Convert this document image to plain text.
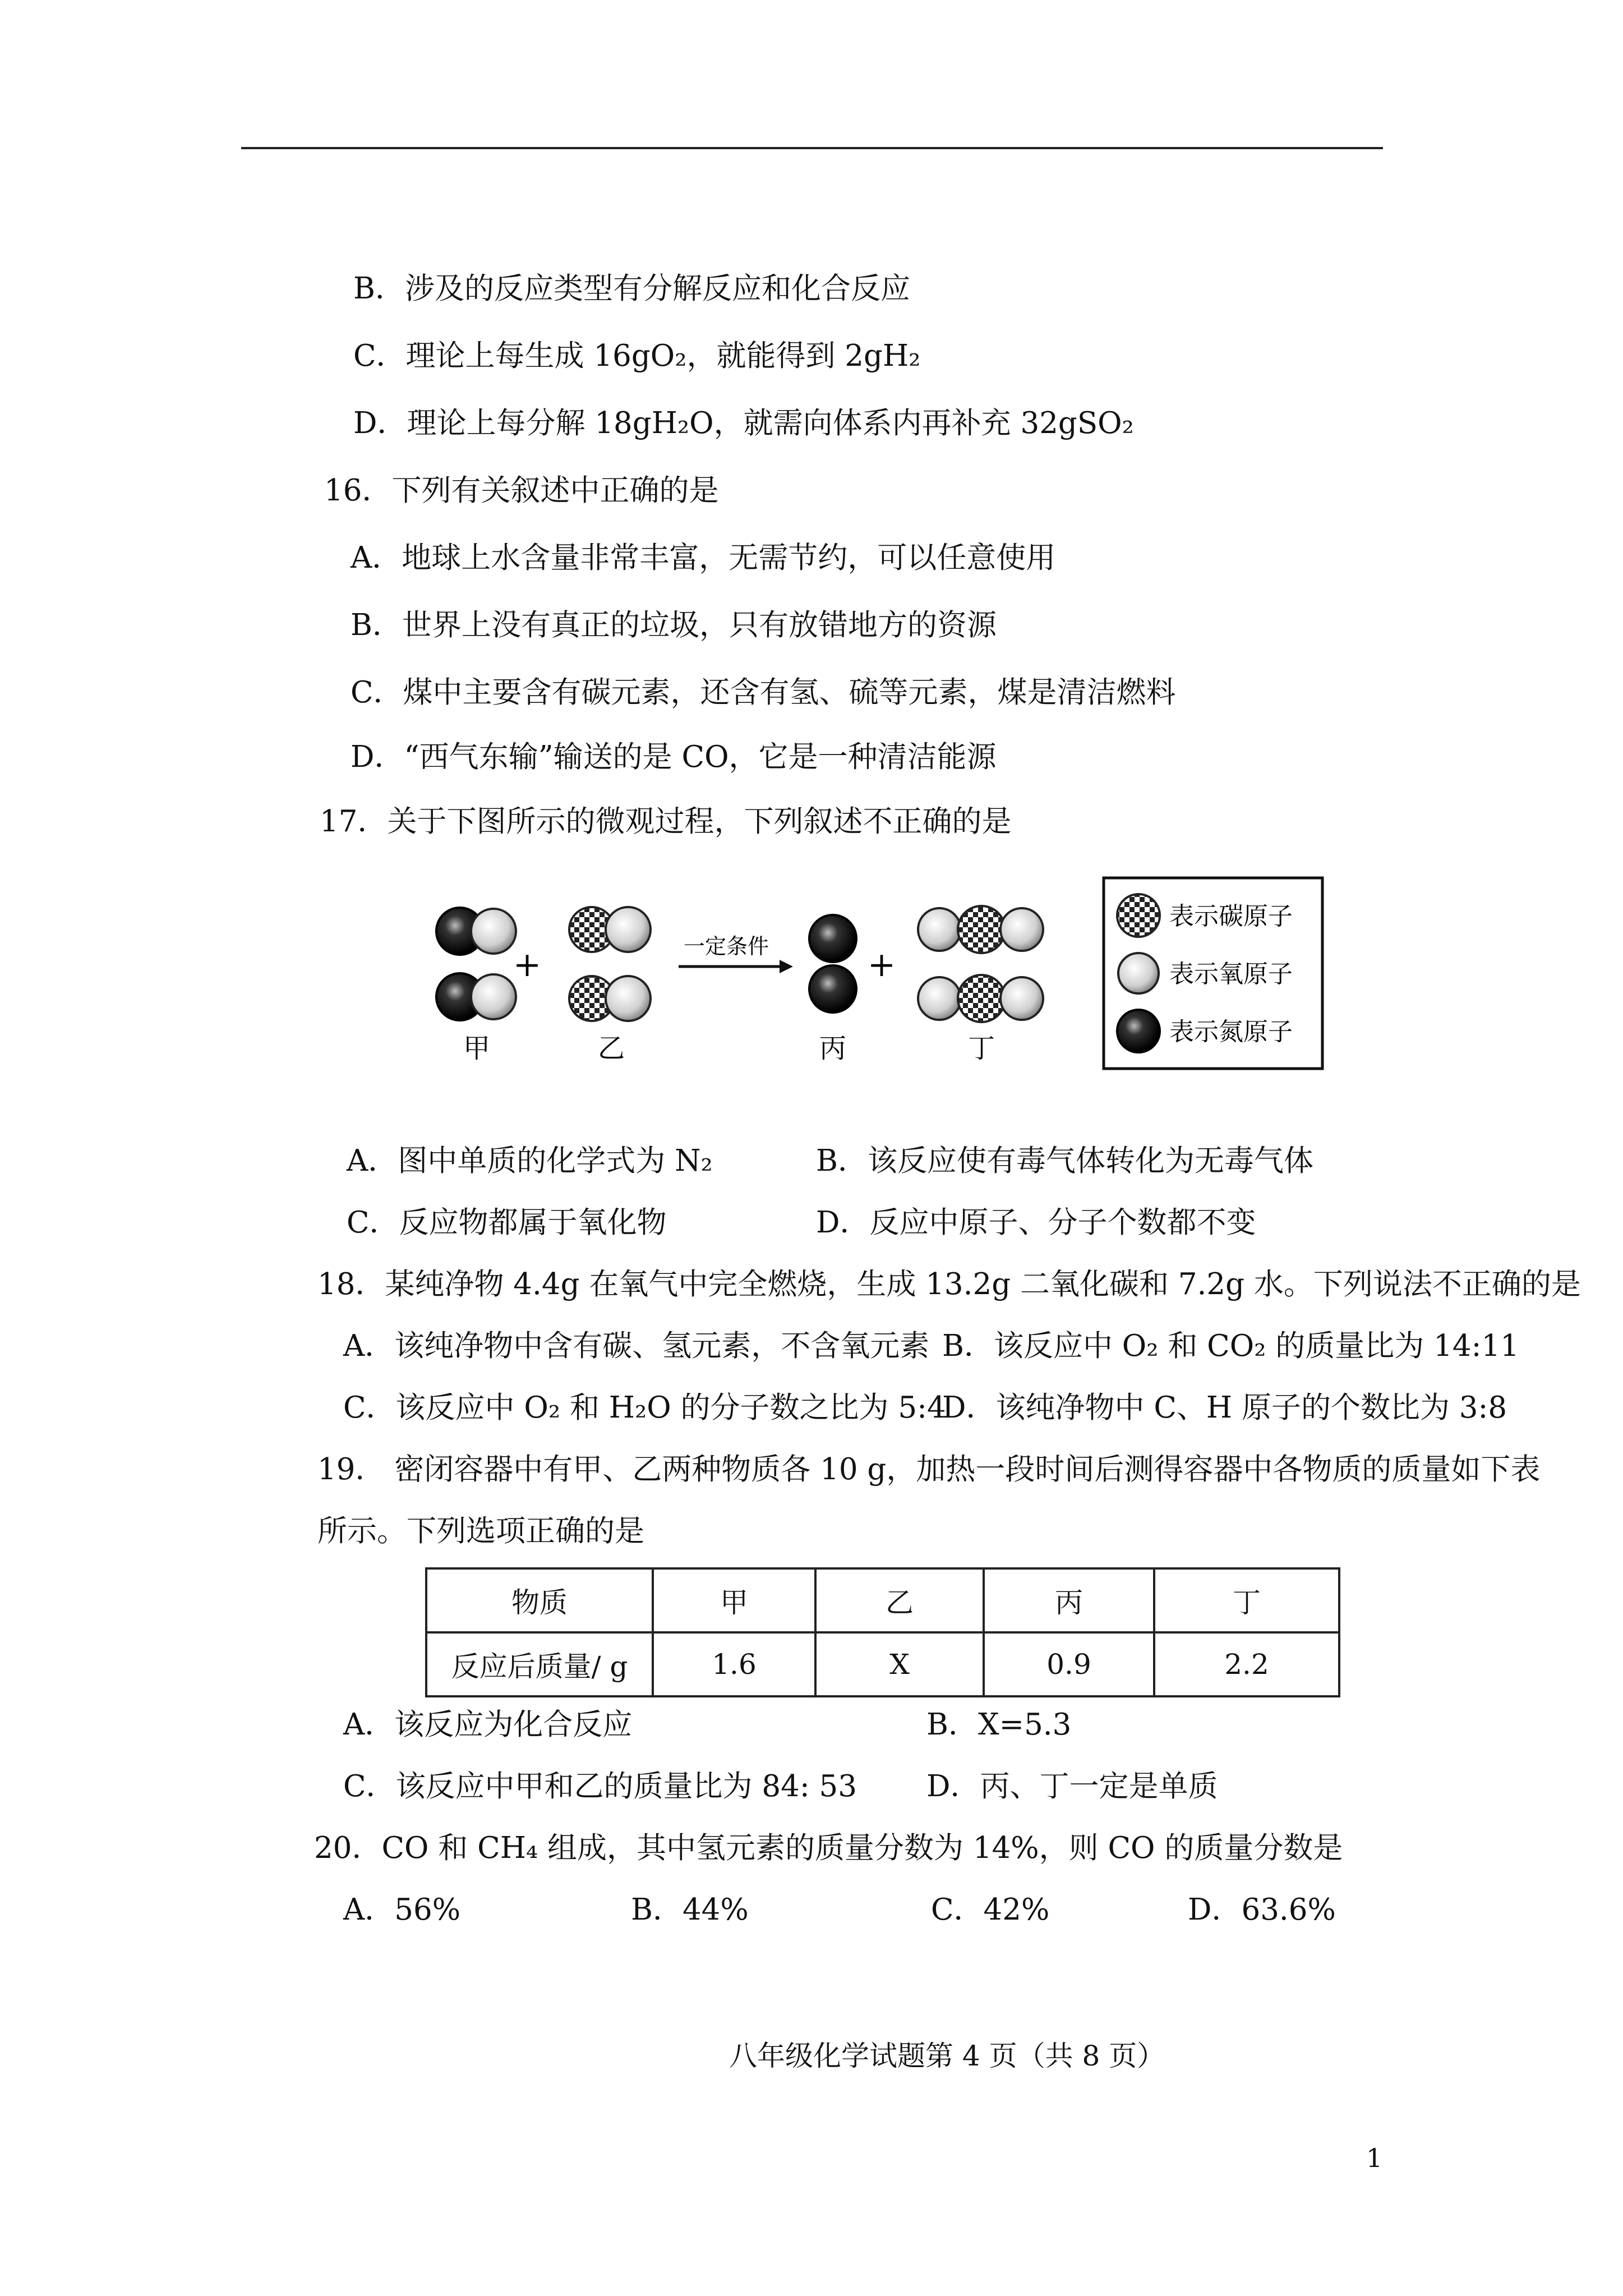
B．涉及的反应类型有分解反应和化合反应
C．理论上每生成 16gO₂，就能得到 2gH₂
D．理论上每分解 18gH₂O，就需向体系内再补充 32gSO₂
16．下列有关叙述中正确的是
A．地球上水含量非常丰富，无需节约，可以任意使用
B．世界上没有真正的垃圾，只有放错地方的资源
C．煤中主要含有碳元素，还含有氢、硫等元素，煤是清洁燃料
D．“西气东输”输送的是 CO，它是一种清洁能源
17．关于下图所示的微观过程，下列叙述不正确的是
+	一定条件	+
甲	乙	丙	丁
表示碳原子
表示氧原子
表示氮原子
A．图中单质的化学式为 N₂	B．该反应使有毒气体转化为无毒气体
C．反应物都属于氧化物	D．反应中原子、分子个数都不变
18．某纯净物 4.4g 在氧气中完全燃烧，生成 13.2g 二氧化碳和 7.2g 水。下列说法不正确的是
A．该纯净物中含有碳、氢元素，不含氧元素 B．该反应中 O₂ 和 CO₂ 的质量比为 14:11
C．该反应中 O₂ 和 H₂O 的分子数之比为 5:4
D．该纯净物中 C、H 原子的个数比为 3:8
19． 密闭容器中有甲、乙两种物质各 10 g，加热一段时间后测得容器中各物质的质量如下表
所示。下列选项正确的是
物质	甲	乙	丙	丁
反应后质量/ g	1.6	X	0.9	2.2
A．该反应为化合反应	B．X=5.3
C．该反应中甲和乙的质量比为 84: 53 D．丙、丁一定是单质
20．CO 和 CH₄ 组成，其中氢元素的质量分数为 14%，则 CO 的质量分数是
A．56%	B．44%	C．42%	D．63.6%
八年级化学试题第 4 页（共 8 页）
1
